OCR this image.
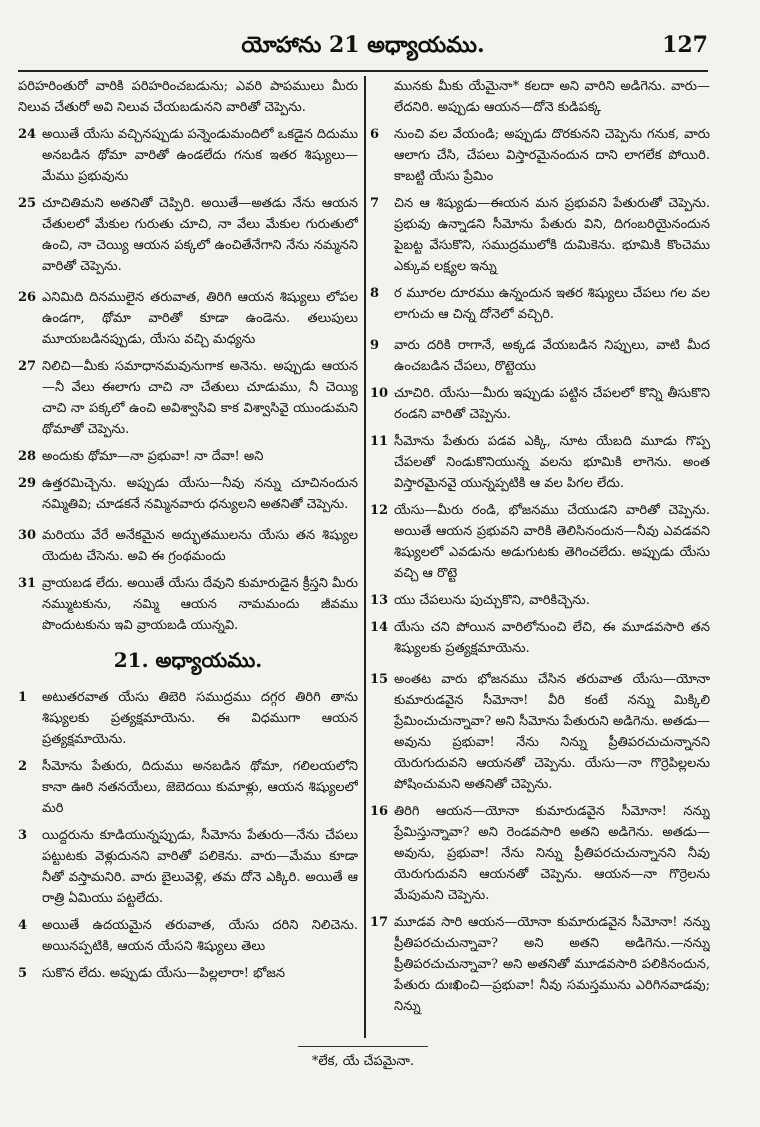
యోహాను 21 అధ్యాయము.	127

పరిహరింతురో వారికి పరిహరించబడును; ఎవరి పాపములు మీరు నిలువ చేతురో అవి నిలువ చేయబడునని వారితో చెప్పెను.

24 అయితే యేసు వచ్చినప్పుడు పన్నెండుమందిలో ఒకడైన దిదుము అనబడిన థోమా వారితో ఉండలేదు గనుక ఇతర శిష్యులు—మేము ప్రభువును

25 చూచితిమని అతనితో చెప్పిరి. అయితే—అతడు నేను ఆయన చేతులలో మేకుల గురుతు చూచి, నా వేలు మేకుల గురుతులో ఉంచి, నా చెయ్యి ఆయన పక్కలో ఉంచితేనేగాని నేను నమ్మనని వారితో చెప్పెను.

26 ఎనిమిది దినములైన తరువాత, తిరిగి ఆయన శిష్యులు లోపల ఉండగా, థోమా వారితో కూడా ఉండెను. తలుపులు మూయబడినప్పుడు, యేసు వచ్చి మధ్యను

27 నిలిచి—మీకు సమాధానమవునుగాక అనెను. అప్పుడు ఆయన—నీ వేలు ఈలాగు చాచి నా చేతులు చూడుము, నీ చెయ్యి చాచి నా పక్కలో ఉంచి అవిశ్వాసివి కాక విశ్వాసివై యుండుమని థోమాతో చెప్పెను.

28 అందుకు థోమా—నా ప్రభువా! నా దేవా! అని

29 ఉత్తరమిచ్చెను. అప్పుడు యేసు—నీవు నన్ను చూచినందున నమ్మితివి; చూడకనే నమ్మినవారు ధన్యులని అతనితో చెప్పెను.

30 మరియు వేరే అనేకమైన అద్భుతములను యేసు తన శిష్యుల యెదుట చేసెను. అవి ఈ గ్రంథమందు

31 వ్రాయబడ లేదు. అయితే యేసు దేవుని కుమారుడైన క్రీస్తని మీరు నమ్ముటకును, నమ్మి ఆయన నామమందు జీవము పొందుటకును ఇవి వ్రాయబడి యున్నవి.

21. అధ్యాయము.

1	అటుతరవాత యేసు తిబెరి సముద్రము దగ్గర తిరిగి తాను శిష్యులకు ప్రత్యక్షమాయెను. ఈ విధముగా ఆయన ప్రత్యక్షమాయెను.

2	సీమోను పేతురు, దిదుము అనబడిన థోమా, గలిలయలోని కానా ఊరి నతనయేలు, జెబెదయి కుమాళ్లు, ఆయన శిష్యులలో మరి

3	యిద్దరును కూడియున్నప్పుడు, సీమోను పేతురు—నేను చేపలు పట్టుటకు వెళ్లుదునని వారితో పలికెను. వారు—మేము కూడా నీతో వస్తామనిరి. వారు బైలువెళ్లి, తమ దోనె ఎక్కిరి. అయితే ఆ రాత్రి ఏమియు పట్టలేదు.

4	అయితే ఉదయమైన తరువాత, యేసు దరిని నిలిచెను. అయినప్పటికి, ఆయన యేసని శిష్యులు తెలు

5	సుకొన లేదు. అప్పుడు యేసు—పిల్లలారా! భోజన

మునకు మీకు యేమైనా* కలదా అని వారిని అడిగెను. వారు—లేదనిరి. అప్పుడు ఆయన—దోనె కుడిపక్క

6	నుంచి వల వేయండి; అప్పుడు దొరకునని చెప్పెను గనుక, వారు ఆలాగు చేసి, చేపలు విస్తారమైనందున దాని లాగలేక పోయిరి. కాబట్టి యేసు ప్రేమిం

7	చిన ఆ శిష్యుడు—ఈయన మన ప్రభువని పేతురుతో చెప్పెను. ప్రభువు ఉన్నాడని సీమోను పేతురు విని, దిగంబరియైనందున పైబట్ట వేసుకొని, సముద్రములోకి దుమికెను. భూమికి కొంచెము ఎక్కువ లక్ష్యల ఇన్ను

8	ర మూరల దూరము ఉన్నందున ఇతర శిష్యులు చేపలు గల వల లాగుచు ఆ చిన్న దోనెలో వచ్చిరి.

9	వారు దరికి రాగానే, అక్కడ వేయబడిన నిప్పులు, వాటి మీద ఉంచబడిన చేపలు, రొట్టెయు

10 చూచిరి. యేసు—మీరు ఇప్పుడు పట్టిన చేపలలో కొన్ని తీసుకొని రండని వారితో చెప్పెను.

11 సీమోను పేతురు పడవ ఎక్కి, నూట యేబది మూడు గొప్ప చేపలతో నిండుకొనియున్న వలను భూమికి లాగెను. అంత విస్తారమైనవై యున్నప్పటికి ఆ వల పిగల లేదు.

12 యేసు—మీరు రండి, భోజనము చేయుడని వారితో చెప్పెను. అయితే ఆయన ప్రభువని వారికి తెలిసినందున—నీవు ఎవడవని శిష్యులలో ఎవడును అడుగుటకు తెగించలేదు. అప్పుడు యేసు వచ్చి ఆ రొట్టె

13 యు చేపలును పుచ్చుకొని, వారికిచ్చెను.

14 యేసు చని పోయిన వారిలోనుంచి లేచి, ఈ మూడవసారి తన శిష్యులకు ప్రత్యక్షమాయెను.

15 అంతట వారు భోజనము చేసిన తరువాత యేసు—యోనా కుమారుడవైన సీమోనా! వీరి కంటే నన్ను మిక్కిలి ప్రేమించుచున్నావా? అని సీమోను పేతురుని అడిగెను. అతడు—అవును ప్రభువా! నేను నిన్ను ప్రీతిపరచుచున్నానని యెరుగుదువని ఆయనతో చెప్పెను. యేసు—నా గొర్రెపిల్లలను పోషించుమని అతనితో చెప్పెను.

16 తిరిగి ఆయన—యోనా కుమారుడవైన సీమోనా! నన్ను ప్రేమిస్తున్నావా? అని రెండవసారి అతని అడిగెను. అతడు—అవును, ప్రభువా! నేను నిన్ను ప్రీతిపరచుచున్నానని నీవు యెరుగుదువని ఆయనతో చెప్పెను. ఆయన—నా గొర్రెలను మేపుమని చెప్పెను.

17 మూడవ సారి ఆయన—యోనా కుమారుడవైన సీమోనా! నన్ను ప్రీతిపరచుచున్నావా? అని అతని అడిగెను.—నన్ను ప్రీతిపరచుచున్నావా? అని అతనితో మూడవసారి పలికినందున, పేతురు దుఃఖించి—ప్రభువా! నీవు సమస్తమును ఎరిగినవాడవు; నిన్ను

*లేక, యే చేపమైనా.
